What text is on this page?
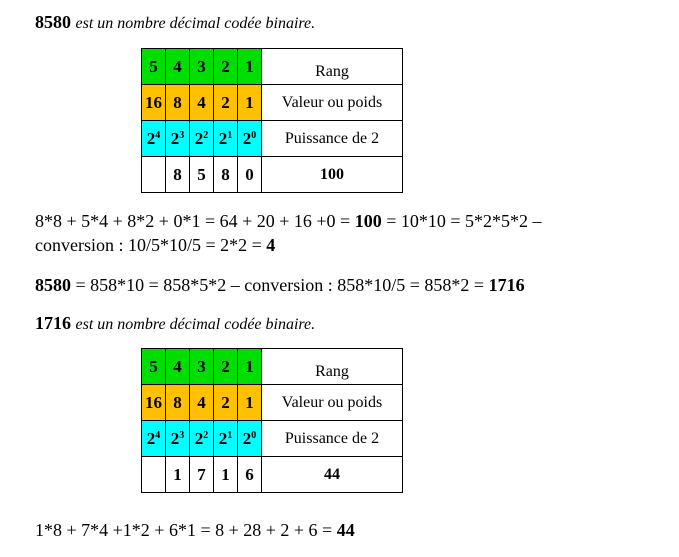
8580 est un nombre décimal codée binaire.
5	4	3	2	1	Rang

16	8	4	2	1	Valeur ou poids
$2^4$	$2^3$	$2^2$	$2^1$	$2^0$	Puissance de 2
	8	5	8	0	100
8*8 + 5*4 + 8*2 + 0*1 = 64 + 20 + 16 +0 = 100 = 10*10 = 5*2*5*2 –
conversion : 10/5*10/5 = 2*2 = 4
8580 = 858*10 = 858*5*2 – conversion : 858*10/5 = 858*2 = 1716
1716 est un nombre décimal codée binaire.
5	4	3	2	1	Rang

16	8	4	2	1	Valeur ou poids
$2^4$	$2^3$	$2^2$	$2^1$	$2^0$	Puissance de 2
	1	7	1	6	44
1*8 + 7*4 +1*2 + 6*1 = 8 + 28 + 2 + 6 = 44
